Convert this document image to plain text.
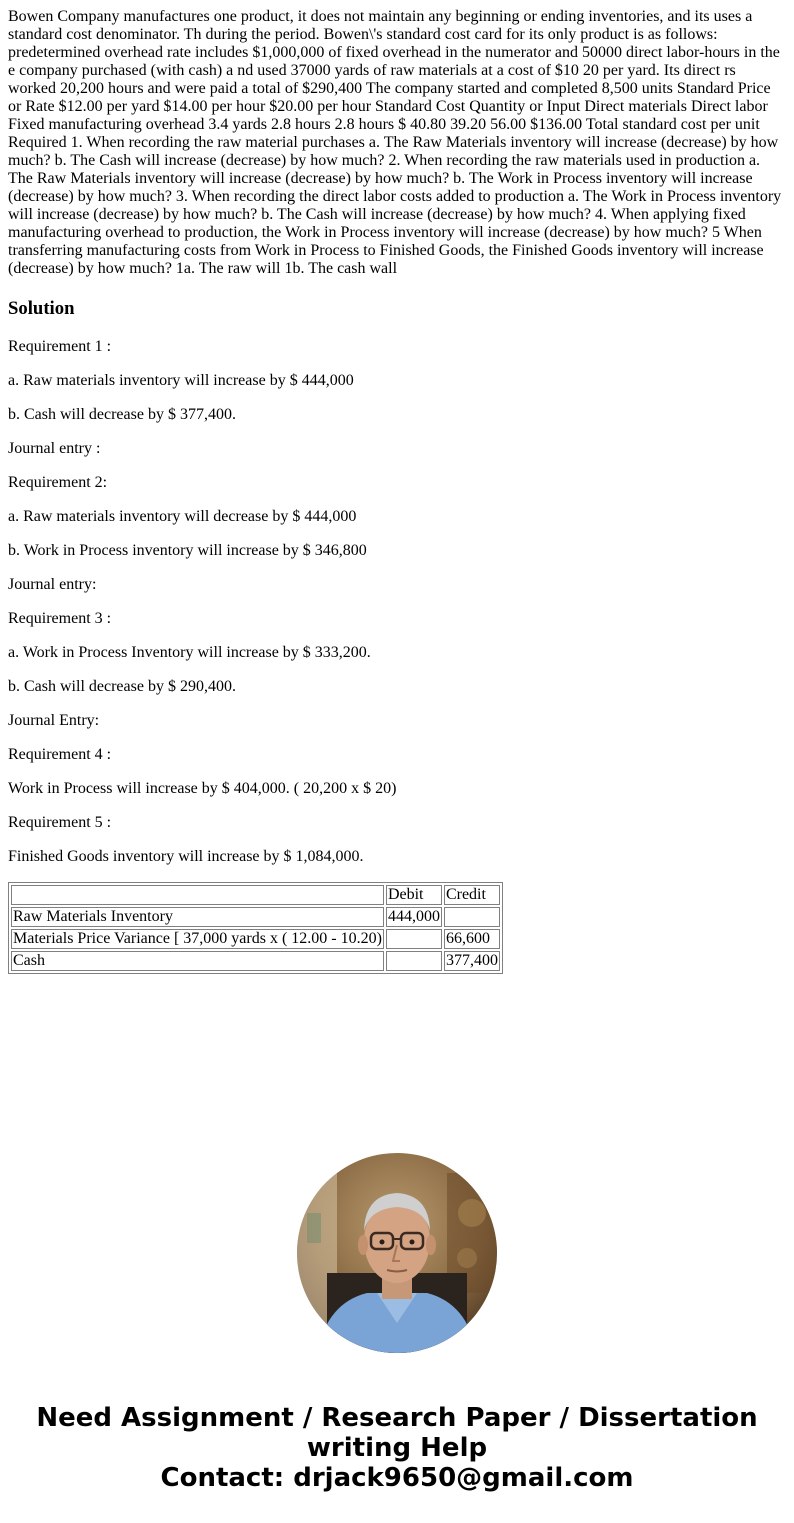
Bowen Company manufactures one product, it does not maintain any beginning or ending inventories, and its uses a standard cost denominator. Th during the period. Bowen\'s standard cost card for its only product is as follows: predetermined overhead rate includes $1,000,000 of fixed overhead in the numerator and 50000 direct labor-hours in the e company purchased (with cash) a nd used 37000 yards of raw materials at a cost of $10 20 per yard. Its direct rs worked 20,200 hours and were paid a total of $290,400 The company started and completed 8,500 units Standard Price or Rate $12.00 per yard $14.00 per hour $20.00 per hour Standard Cost Quantity or Input Direct materials Direct labor Fixed manufacturing overhead 3.4 yards 2.8 hours 2.8 hours $ 40.80 39.20 56.00 $136.00 Total standard cost per unit Required 1. When recording the raw material purchases a. The Raw Materials inventory will increase (decrease) by how much? b. The Cash will increase (decrease) by how much? 2. When recording the raw materials used in production a. The Raw Materials inventory will increase (decrease) by how much? b. The Work in Process inventory will increase (decrease) by how much? 3. When recording the direct labor costs added to production a. The Work in Process inventory will increase (decrease) by how much? b. The Cash will increase (decrease) by how much? 4. When applying fixed manufacturing overhead to production, the Work in Process inventory will increase (decrease) by how much? 5 When transferring manufacturing costs from Work in Process to Finished Goods, the Finished Goods inventory will increase (decrease) by how much? 1a. The raw will 1b. The cash wall
Solution

Requirement 1 :

a. Raw materials inventory will increase by $ 444,000

b. Cash will decrease by $ 377,400.

Journal entry :

Requirement 2:

a. Raw materials inventory will decrease by $ 444,000

b. Work in Process inventory will increase by $ 346,800

Journal entry:

Requirement 3 :

a. Work in Process Inventory will increase by $ 333,200.

b. Cash will decrease by $ 290,400.

Journal Entry:

Requirement 4 :

Work in Process will increase by $ 404,000. ( 20,200 x $ 20)

Requirement 5 :

Finished Goods inventory will increase by $ 1,084,000.

	Debit	Credit
Raw Materials Inventory	444,000	
Materials Price Variance [ 37,000 yards x ( 12.00 - 10.20)		66,600
Cash		377,400
Need Assignment / Research Paper / Dissertation
writing Help
Contact: drjack9650@gmail.com
